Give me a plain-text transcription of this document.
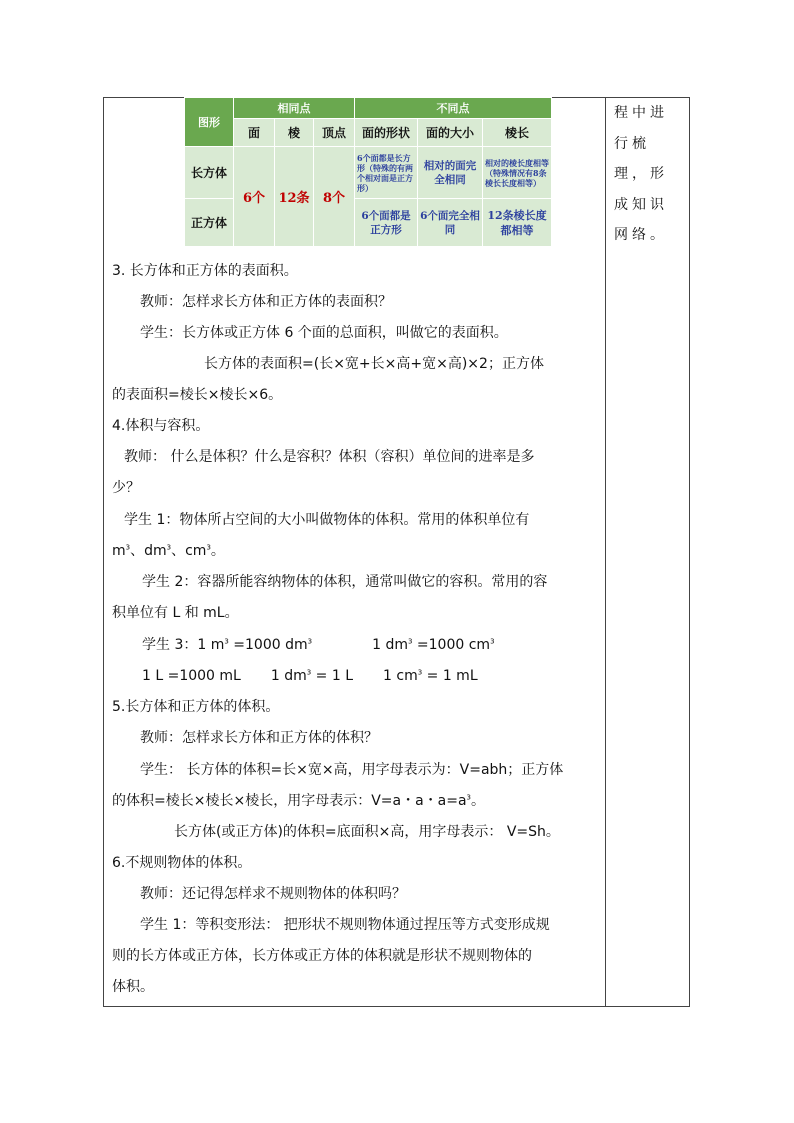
程中进行梳理，形成知识网络。
图形	相同点			不同点		
	面	棱	顶点	面的形状	面的大小	棱长
长方体	6个	12条	8个	6个面都是长方形（特殊的有两个相对面是正方形）	相对的面完全相同	相对的棱长度相等（特殊情况有8条棱长长度相等）
正方体				6个面都是正方形	6个面完全相同	12条棱长度都相等

3. 长方体和正方体的表面积。

教师：怎样求长方体和正方体的表面积？

学生：长方体或正方体 6 个面的总面积，叫做它的表面积。

长方体的表面积=(长×宽+长×高+宽×高)×2；正方体

的表面积=棱长×棱长×6。

4.体积与容积。

教师： 什么是体积？什么是容积？体积（容积）单位间的进率是多

少？

学生 1：物体所占空间的大小叫做物体的体积。常用的体积单位有

$m^3$、$dm^3$、$cm^3$。

学生 2：容器所能容纳物体的体积，通常叫做它的容积。常用的容

积单位有 L 和 mL。

学生 3：1 $m^3 =1000$ $dm^3$	1 $dm^3 =1000$ $cm^3$

1 L =1000 mL 1 $dm^3 = 1$ L 1 $cm^3 = 1$ mL

5.长方体和正方体的体积。

教师：怎样求长方体和正方体的体积？

学生： 长方体的体积=长×宽×高，用字母表示为：V=abh；正方体

的体积=棱长×棱长×棱长，用字母表示：V=a・a・$a=a^3$。

长方体(或正方体)的体积=底面积×高，用字母表示： V=Sh。

6.不规则物体的体积。

教师：还记得怎样求不规则物体的体积吗？

学生 1：等积变形法： 把形状不规则物体通过捏压等方式变形成规

则的长方体或正方体，长方体或正方体的体积就是形状不规则物体的

体积。
